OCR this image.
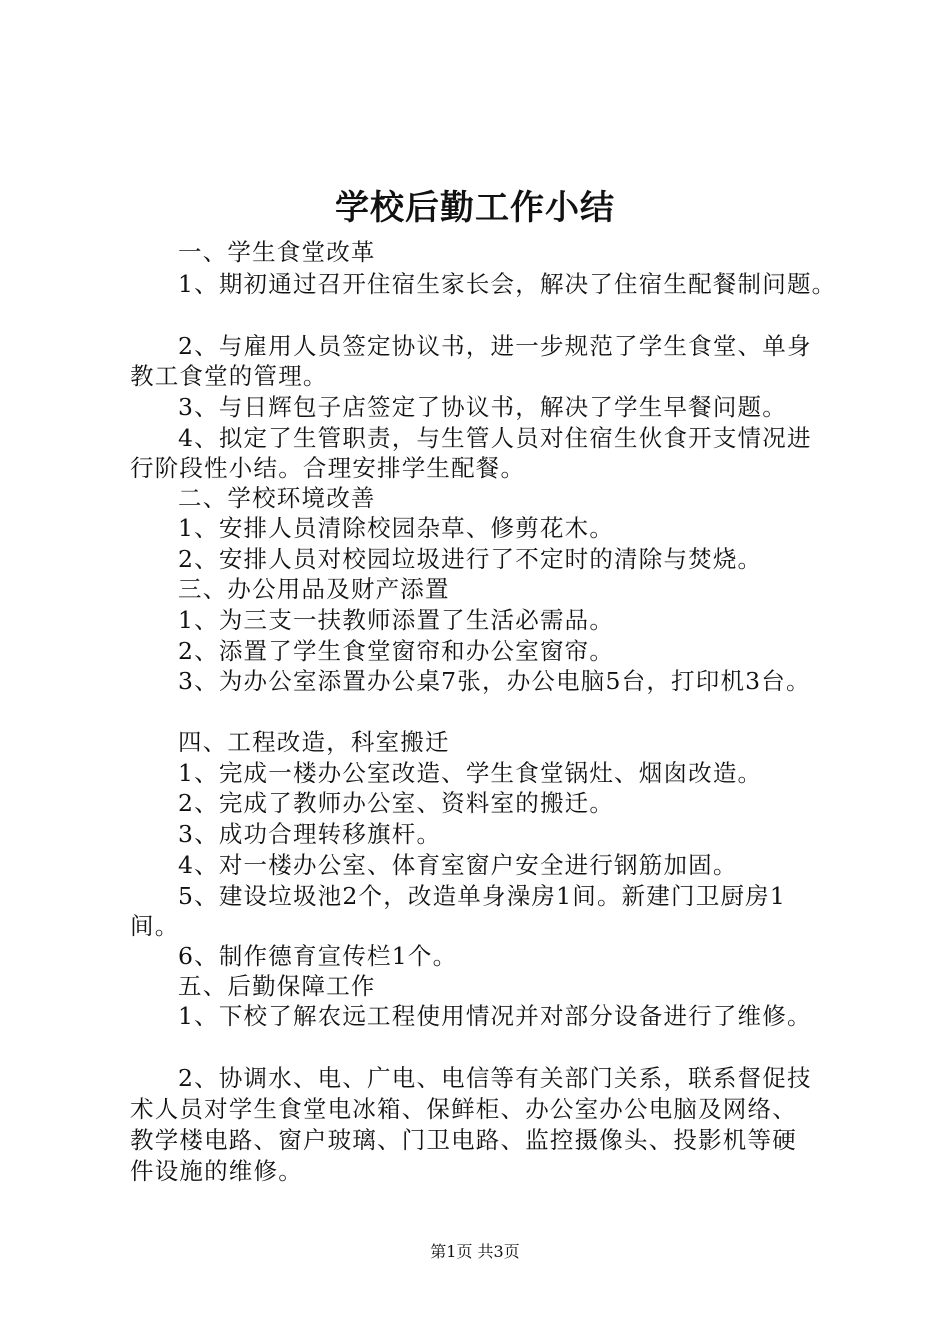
学校后勤工作小结
一、学生食堂改革
1、期初通过召开住宿生家长会，解决了住宿生配餐制问题。
2、与雇用人员签定协议书，进一步规范了学生食堂、单身
教工食堂的管理。
3、与日辉包子店签定了协议书，解决了学生早餐问题。
4、拟定了生管职责，与生管人员对住宿生伙食开支情况进
行阶段性小结。合理安排学生配餐。
二、学校环境改善
1、安排人员清除校园杂草、修剪花木。
2、安排人员对校园垃圾进行了不定时的清除与焚烧。
三、办公用品及财产添置
1、为三支一扶教师添置了生活必需品。
2、添置了学生食堂窗帘和办公室窗帘。
3、为办公室添置办公桌7张，办公电脑5台，打印机3台。
四、工程改造，科室搬迁
1、完成一楼办公室改造、学生食堂锅灶、烟囱改造。
2、完成了教师办公室、资料室的搬迁。
3、成功合理转移旗杆。
4、对一楼办公室、体育室窗户安全进行钢筋加固。
5、建设垃圾池2个，改造单身澡房1间。新建门卫厨房1
间。
6、制作德育宣传栏1个。
五、后勤保障工作
1、下校了解农远工程使用情况并对部分设备进行了维修。
2、协调水、电、广电、电信等有关部门关系，联系督促技
术人员对学生食堂电冰箱、保鲜柜、办公室办公电脑及网络、
教学楼电路、窗户玻璃、门卫电路、监控摄像头、投影机等硬
件设施的维修。
第1页 共3页
